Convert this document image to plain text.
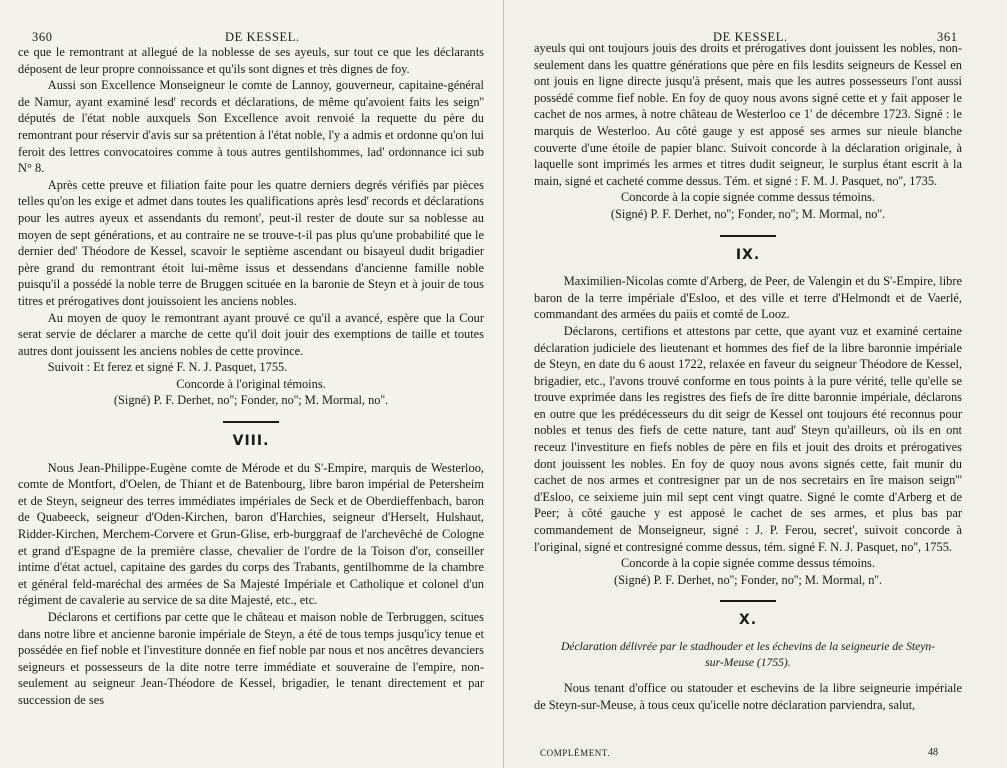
360	DE KESSEL.

ce que le remontrant at allegué de la noblesse de ses ayeuls, sur tout ce que les déclarants déposent de leur propre connoissance et qu'ils sont dignes et très dignes de foy.

Aussi son Excellence Monseigneur le comte de Lannoy, gouverneur, capitaine-général de Namur, ayant examiné lesd' records et déclarations, de même qu'avoient faits les seign'' députés de l'état noble auxquels Son Excellence avoit renvoié la requette du père du remontrant pour réservir d'avis sur sa prétention à l'état noble, l'y a admis et ordonne qu'on lui feroit des lettres convocatoires comme à tous autres gentilshommes, lad' ordonnance ici sub N° 8.

Après cette preuve et filiation faite pour les quatre derniers degrés vérifiés par pièces telles qu'on les exige et admet dans toutes les qualifications après lesd' records et déclarations pour les autres ayeux et assendants du remont', peut-il rester de doute sur sa noblesse au moyen de sept générations, et au contraire ne se trouve-t-il pas plus qu'une probabilité que le dernier ded' Théodore de Kessel, scavoir le septième ascendant ou bisayeul dudit brigadier père grand du remontrant étoit lui-même issus et dessendans d'ancienne famille noble puisqu'il a possédé la noble terre de Bruggen scituée en la baronie de Steyn et à jouir de tous titres et prérogatives dont jouissoient les anciens nobles.

Au moyen de quoy le remontrant ayant prouvé ce qu'il a avancé, espère que la Cour serat servie de déclarer a marche de cette qu'il doit jouir des exemptions de taille et toutes autres dont jouissent les anciens nobles de cette province.

Suivoit : Et ferez et signé F. N. J. Pasquet, 1755.

Concorde à l'original témoins.

(Signé) P. F. Derhet, no''; Fonder, no''; M. Mormal, no''.

VIII.

Nous Jean-Philippe-Eugène comte de Mérode et du S'-Empire, marquis de Westerloo, comte de Montfort, d'Oelen, de Thiant et de Batenbourg, libre baron impérial de Petersheim et de Steyn, seigneur des terres immédiates impériales de Seck et de Oberdieffenbach, baron de Quabeeck, seigneur d'Oden-Kirchen, baron d'Harchies, seigneur d'Herselt, Hulshaut, Ridder-Kirchen, Merchem-Corvere et Grun-Glise, erb-burggraaf de l'archevêché de Cologne et grand d'Espagne de la première classe, chevalier de l'ordre de la Toison d'or, conseiller intime d'état actuel, capitaine des gardes du corps des Trabants, gentilhomme de la chambre et général feld-maréchal des armées de Sa Majesté Impériale et Catholique et colonel d'un régiment de cavalerie au service de sa dite Majesté, etc., etc.

Déclarons et certifions par cette que le château et maison noble de Terbruggen, scitues dans notre libre et ancienne baronie impériale de Steyn, a été de tous temps jusqu'icy tenue et possédée en fief noble et l'investiture donnée en fief noble par nous et nos ancêtres devanciers seigneurs et possesseurs de la dite notre terre immédiate et souveraine de l'empire, non-seulement au seigneur Jean-Théodore de Kessel, brigadier, le tenant directement et par succession de ses

DE KESSEL.	361

ayeuls qui ont toujours jouis des droits et prérogatives dont jouissent les nobles, non-seulement dans les quattre générations que père en fils lesdits seigneurs de Kessel en ont jouis en ligne directe jusqu'à présent, mais que les autres possesseurs l'ont aussi possédé comme fief noble. En foy de quoy nous avons signé cette et y fait apposer le cachet de nos armes, à notre château de Westerloo ce 1' de décembre 1723. Signé : le marquis de Westerloo. Au côté gauge y est apposé ses armes sur nieule blanche couverte d'une étoile de papier blanc. Suivoit concorde à la déclaration originale, à laquelle sont imprimés les armes et titres dudit seigneur, le surplus étant escrit à la main, signé et cacheté comme dessus. Tém. et signé : F. M. J. Pasquet, no'', 1735.

Concorde à la copie signée comme dessus témoins.

(Signé) P. F. Derhet, no''; Fonder, no''; M. Mormal, no''.

IX.

Maximilien-Nicolas comte d'Arberg, de Peer, de Valengin et du S'-Empire, libre baron de la terre impériale d'Esloo, et des ville et terre d'Helmondt et de Vaerlé, commandant des armées du paiis et comté de Looz.

Déclarons, certifions et attestons par cette, que ayant vuz et examiné certaine déclaration judiciele des lieutenant et hommes des fief de la libre baronnie impériale de Steyn, en date du 6 aoust 1722, relaxée en faveur du seigneur Théodore de Kessel, brigadier, etc., l'avons trouvé conforme en tous points à la pure vérité, telle qu'elle se trouve exprimée dans les registres des fiefs de îre ditte baronnie impériale, déclarons en outre que les prédécesseurs du dit seigr de Kessel ont toujours été reconnus pour nobles et tenus des fiefs de cette nature, tant aud' Steyn qu'ailleurs, où ils en ont receuz l'investiture en fiefs nobles de père en fils et jouit des droits et prérogatives dont jouissent les nobles. En foy de quoy nous avons signés cette, fait munir du cachet de nos armes et contresigner par un de nos secretairs en îre maison seign''' d'Esloo, ce seixieme juin mil sept cent vingt quatre. Signé le comte d'Arberg et de Peer; à côté gauche y est apposé le cachet de ses armes, et plus bas par commandement de Monseigneur, signé : J. P. Ferou, secret', suivoit concorde à l'original, signé et contresigné comme dessus, tém. signé F. N. J. Pasquet, no'', 1755.

Concorde à la copie signée comme dessus témoins.

(Signé) P. F. Derhet, no''; Fonder, no''; M. Mormal, n''.

X.

Déclaration délivrée par le stadhouder et les échevins de la seigneurie de Steyn-sur-Meuse (1755).

Nous tenant d'office ou statouder et eschevins de la libre seigneurie impériale de Steyn-sur-Meuse, à tous ceux qu'icelle notre déclaration parviendra, salut,

COMPLÉMENT.	48
